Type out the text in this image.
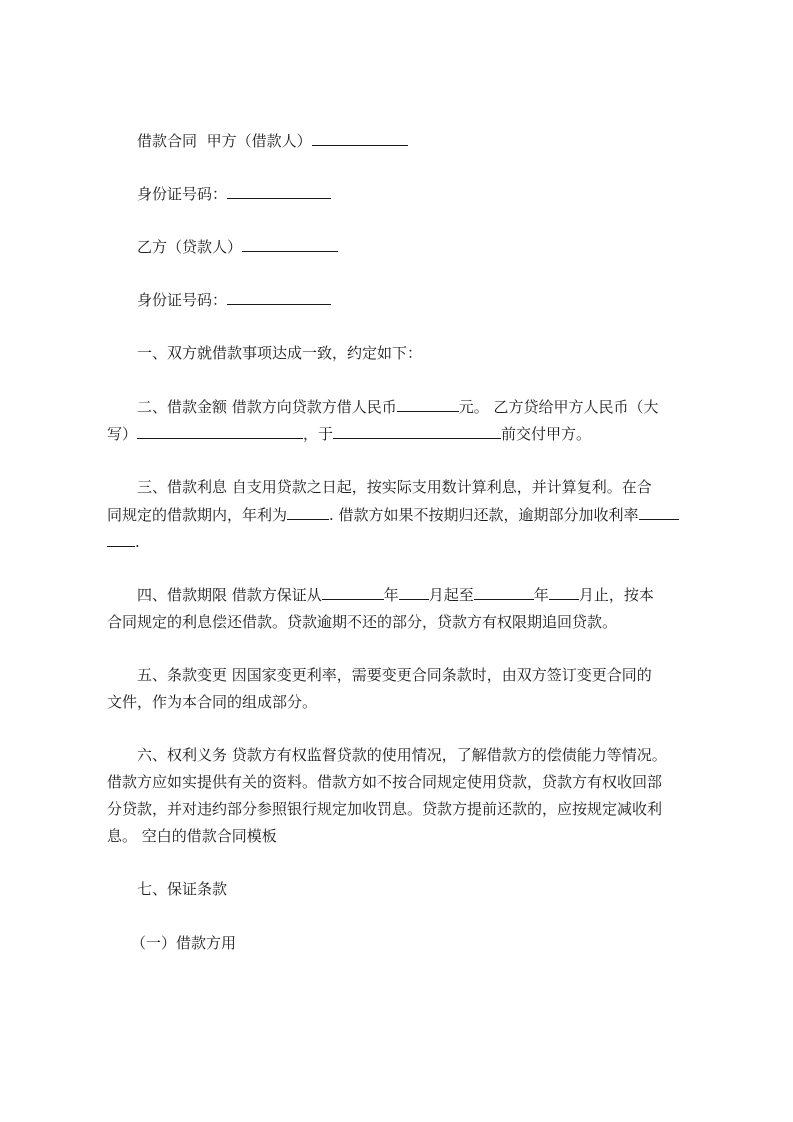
借款合同 甲方（借款人）
身份证号码：
乙方（贷款人）
身份证号码：
一、双方就借款事项达成一致，约定如下：
二、借款金额 借款方向贷款方借人民币	元。 乙方贷给甲方人民币（大
写）	，于	前交付甲方。
三、借款利息 自支用贷款之日起，按实际支用数计算利息，并计算复利。在合
同规定的借款期内，年利为	. 借款方如果不按期归还款，逾期部分加收利率
.
四、借款期限 借款方保证从	年 月起至	年 月止，按本
合同规定的利息偿还借款。贷款逾期不还的部分，贷款方有权限期追回贷款。
五、条款变更 因国家变更利率，需要变更合同条款时，由双方签订变更合同的
文件，作为本合同的组成部分。
六、权利义务 贷款方有权监督贷款的使用情况，了解借款方的偿债能力等情况。
借款方应如实提供有关的资料。借款方如不按合同规定使用贷款，贷款方有权收回部
分贷款，并对违约部分参照银行规定加收罚息。贷款方提前还款的，应按规定减收利
息。 空白的借款合同模板
七、保证条款
（一）借款方用
